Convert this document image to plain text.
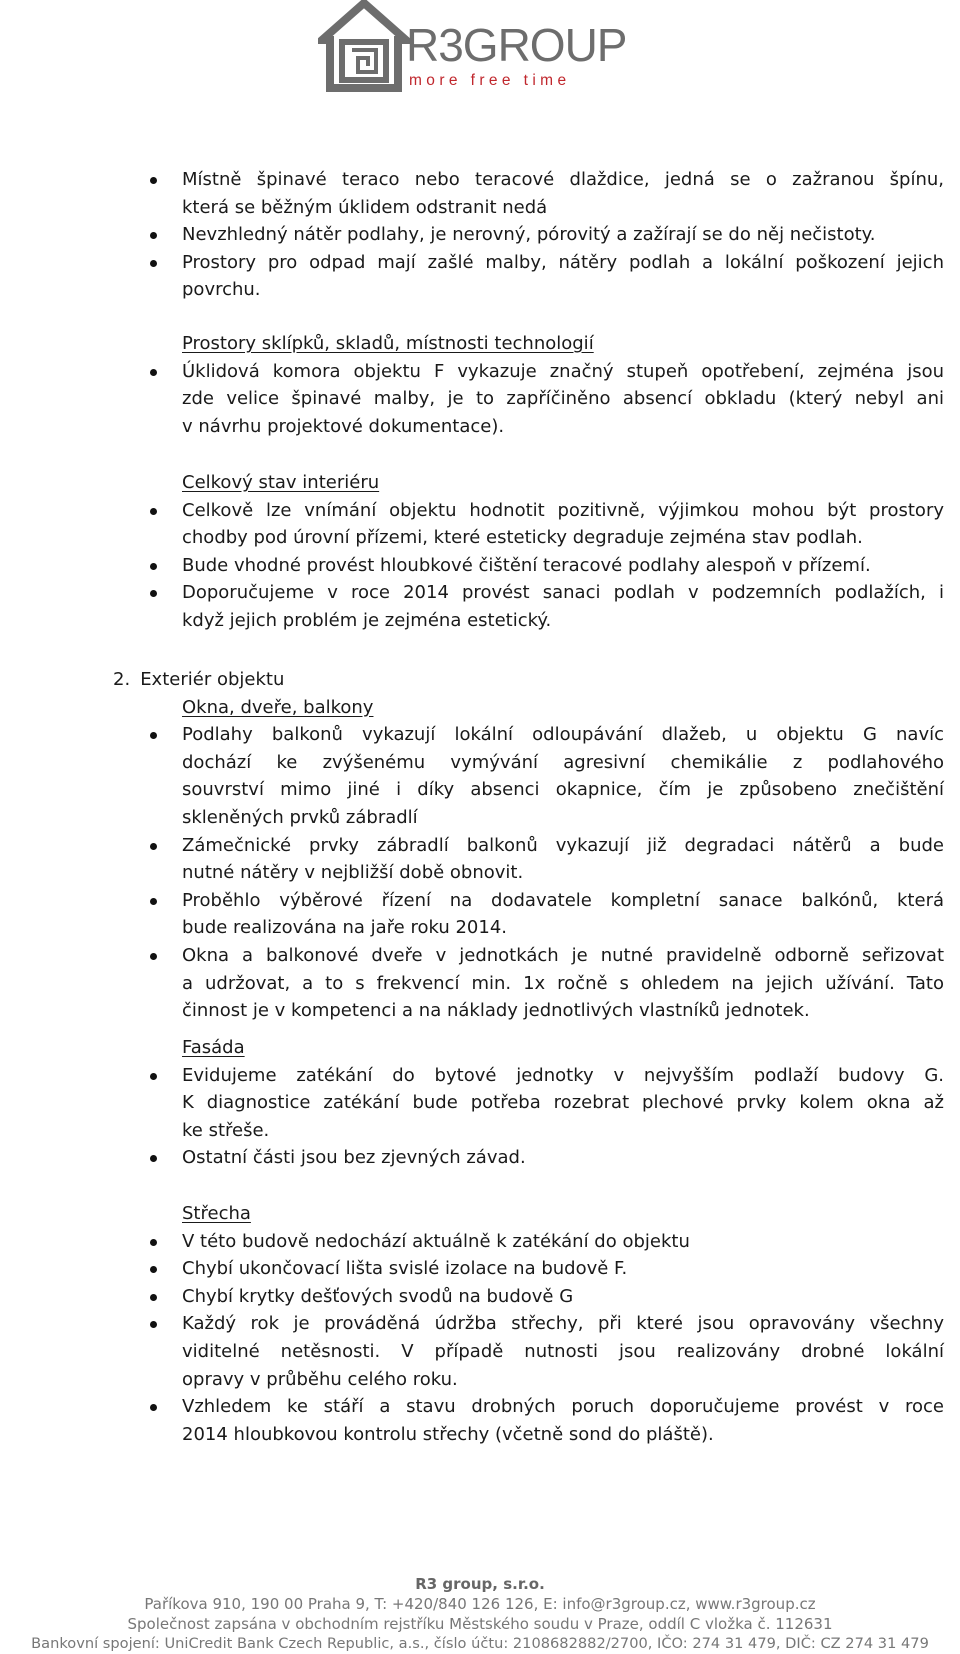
R3GROUP
more free time
Místně špinavé teraco nebo teracové dlaždice, jedná se o zažranou špínu,
která se běžným úklidem odstranit nedá
Nevzhledný nátěr podlahy, je nerovný, pórovitý a zažírají se do něj nečistoty.
Prostory pro odpad mají zašlé malby, nátěry podlah a lokální poškození jejich
povrchu.
Prostory sklípků, skladů, místnosti technologií
Úklidová komora objektu F vykazuje značný stupeň opotřebení, zejména jsou
zde velice špinavé malby, je to zapříčiněno absencí obkladu (který nebyl ani
v návrhu projektové dokumentace).
Celkový stav interiéru
Celkově lze vnímání objektu hodnotit pozitivně, výjimkou mohou být prostory
chodby pod úrovní přízemi, které esteticky degraduje zejména stav podlah.
Bude vhodné provést hloubkové čištění teracové podlahy alespoň v přízemí.
Doporučujeme v roce 2014 provést sanaci podlah v podzemních podlažích, i
když jejich problém je zejména estetický.
2. Exteriér objektu
Okna, dveře, balkony
Podlahy balkonů vykazují lokální odloupávání dlažeb, u objektu G navíc
dochází ke zvýšenému vymývání agresivní chemikálie z podlahového
souvrství mimo jiné i díky absenci okapnice, čím je způsobeno znečištění
skleněných prvků zábradlí
Zámečnické prvky zábradlí balkonů vykazují již degradaci nátěrů a bude
nutné nátěry v nejbližší době obnovit.
Proběhlo výběrové řízení na dodavatele kompletní sanace balkónů, která
bude realizována na jaře roku 2014.
Okna a balkonové dveře v jednotkách je nutné pravidelně odborně seřizovat
a udržovat, a to s frekvencí min. 1x ročně s ohledem na jejich užívání. Tato
činnost je v kompetenci a na náklady jednotlivých vlastníků jednotek.
Fasáda
Evidujeme zatékání do bytové jednotky v nejvyšším podlaží budovy G.
K diagnostice zatékání bude potřeba rozebrat plechové prvky kolem okna až
ke střeše.
Ostatní části jsou bez zjevných závad.
Střecha
V této budově nedochází aktuálně k zatékání do objektu
Chybí ukončovací lišta svislé izolace na budově F.
Chybí krytky dešťových svodů na budově G
Každý rok je prováděná údržba střechy, při které jsou opravovány všechny
viditelné netěsnosti. V případě nutnosti jsou realizovány drobné lokální
opravy v průběhu celého roku.
Vzhledem ke stáří a stavu drobných poruch doporučujeme provést v roce
2014 hloubkovou kontrolu střechy (včetně sond do pláště).
R3 group, s.r.o.
Paříkova 910, 190 00 Praha 9, T: +420/840 126 126, E: info@r3group.cz, www.r3group.cz
Společnost zapsána v obchodním rejstříku Městského soudu v Praze, oddíl C vložka č. 112631
Bankovní spojení: UniCredit Bank Czech Republic, a.s., číslo účtu: 2108682882/2700, IČO: 274 31 479, DIČ: CZ 274 31 479
